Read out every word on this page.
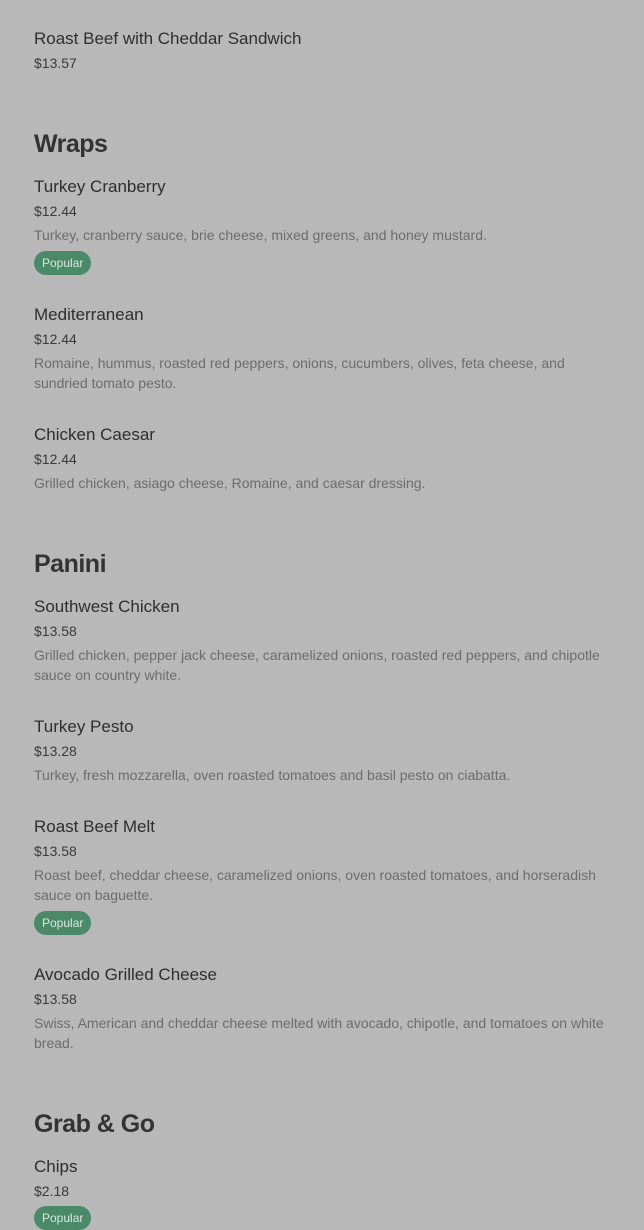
Roast Beef with Cheddar Sandwich
$13.57
Wraps
Turkey Cranberry
$12.44
Turkey, cranberry sauce, brie cheese, mixed greens, and honey mustard.
Popular
Mediterranean
$12.44
Romaine, hummus, roasted red peppers, onions, cucumbers, olives, feta cheese, and sundried tomato pesto.
Chicken Caesar
$12.44
Grilled chicken, asiago cheese, Romaine, and caesar dressing.
Panini
Southwest Chicken
$13.58
Grilled chicken, pepper jack cheese, caramelized onions, roasted red peppers, and chipotle sauce on country white.
Turkey Pesto
$13.28
Turkey, fresh mozzarella, oven roasted tomatoes and basil pesto on ciabatta.
Roast Beef Melt
$13.58
Roast beef, cheddar cheese, caramelized onions, oven roasted tomatoes, and horseradish sauce on baguette.
Popular
Avocado Grilled Cheese
$13.58
Swiss, American and cheddar cheese melted with avocado, chipotle, and tomatoes on white bread.
Grab & Go
Chips
$2.18
Popular
